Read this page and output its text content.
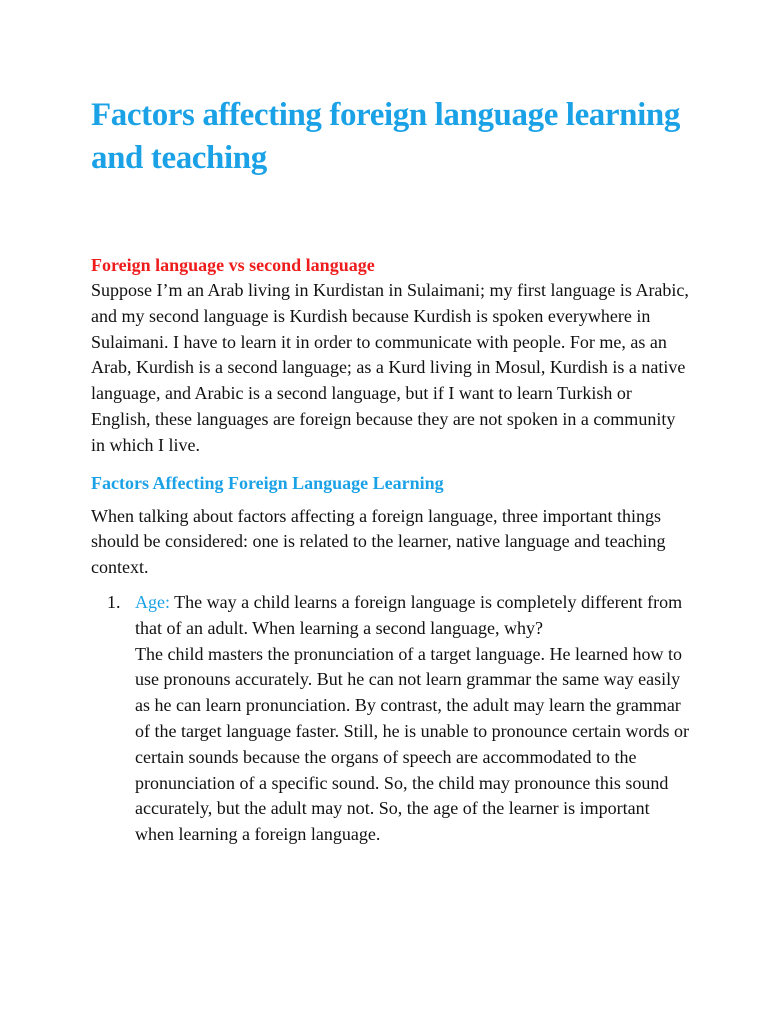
Factors affecting foreign language learning and teaching
Foreign language vs second language

Suppose I’m an Arab living in Kurdistan in Sulaimani; my first language is Arabic, and my second language is Kurdish because Kurdish is spoken everywhere in Sulaimani. I have to learn it in order to communicate with people. For me, as an Arab, Kurdish is a second language; as a Kurd living in Mosul, Kurdish is a native language, and Arabic is a second language, but if I want to learn Turkish or English, these languages are foreign because they are not spoken in a community in which I live.

Factors Affecting Foreign Language Learning

When talking about factors affecting a foreign language, three important things should be considered: one is related to the learner, native language and teaching context.

1. Age: The way a child learns a foreign language is completely different from that of an adult. When learning a second language, why?
The child masters the pronunciation of a target language. He learned how to use pronouns accurately. But he can not learn grammar the same way easily as he can learn pronunciation. By contrast, the adult may learn the grammar of the target language faster. Still, he is unable to pronounce certain words or certain sounds because the organs of speech are accommodated to the pronunciation of a specific sound. So, the child may pronounce this sound accurately, but the adult may not. So, the age of the learner is important when learning a foreign language.
